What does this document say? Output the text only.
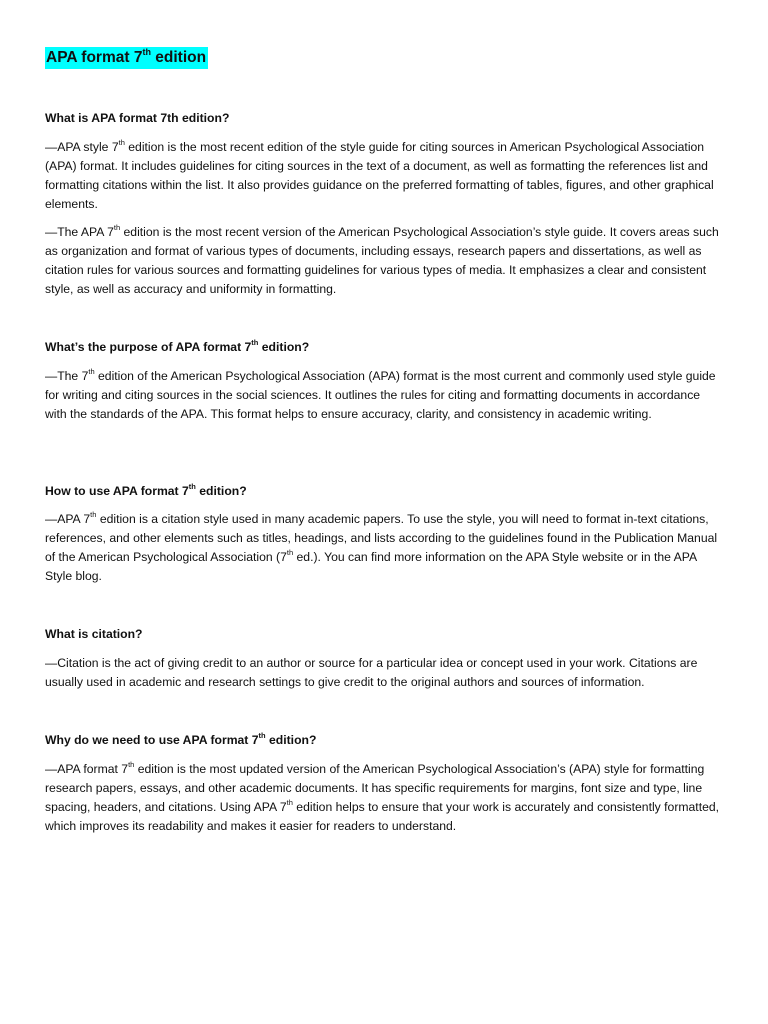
APA format 7th edition
What is APA format 7th edition?

—APA style 7th edition is the most recent edition of the style guide for citing sources in American Psychological Association (APA) format. It includes guidelines for citing sources in the text of a document, as well as formatting the references list and formatting citations within the list. It also provides guidance on the preferred formatting of tables, figures, and other graphical elements.

—The APA 7th edition is the most recent version of the American Psychological Association’s style guide. It covers areas such as organization and format of various types of documents, including essays, research papers and dissertations, as well as citation rules for various sources and formatting guidelines for various types of media. It emphasizes a clear and consistent style, as well as accuracy and uniformity in formatting.

What’s the purpose of APA format 7th edition?

—The 7th edition of the American Psychological Association (APA) format is the most current and commonly used style guide for writing and citing sources in the social sciences. It outlines the rules for citing and formatting documents in accordance with the standards of the APA. This format helps to ensure accuracy, clarity, and consistency in academic writing.

How to use APA format 7th edition?

—APA 7th edition is a citation style used in many academic papers. To use the style, you will need to format in-text citations, references, and other elements such as titles, headings, and lists according to the guidelines found in the Publication Manual of the American Psychological Association (7th ed.). You can find more information on the APA Style website or in the APA Style blog.

What is citation?

—Citation is the act of giving credit to an author or source for a particular idea or concept used in your work. Citations are usually used in academic and research settings to give credit to the original authors and sources of information.

Why do we need to use APA format 7th edition?

—APA format 7th edition is the most updated version of the American Psychological Association’s (APA) style for formatting research papers, essays, and other academic documents. It has specific requirements for margins, font size and type, line spacing, headers, and citations. Using APA 7th edition helps to ensure that your work is accurately and consistently formatted, which improves its readability and makes it easier for readers to understand.
